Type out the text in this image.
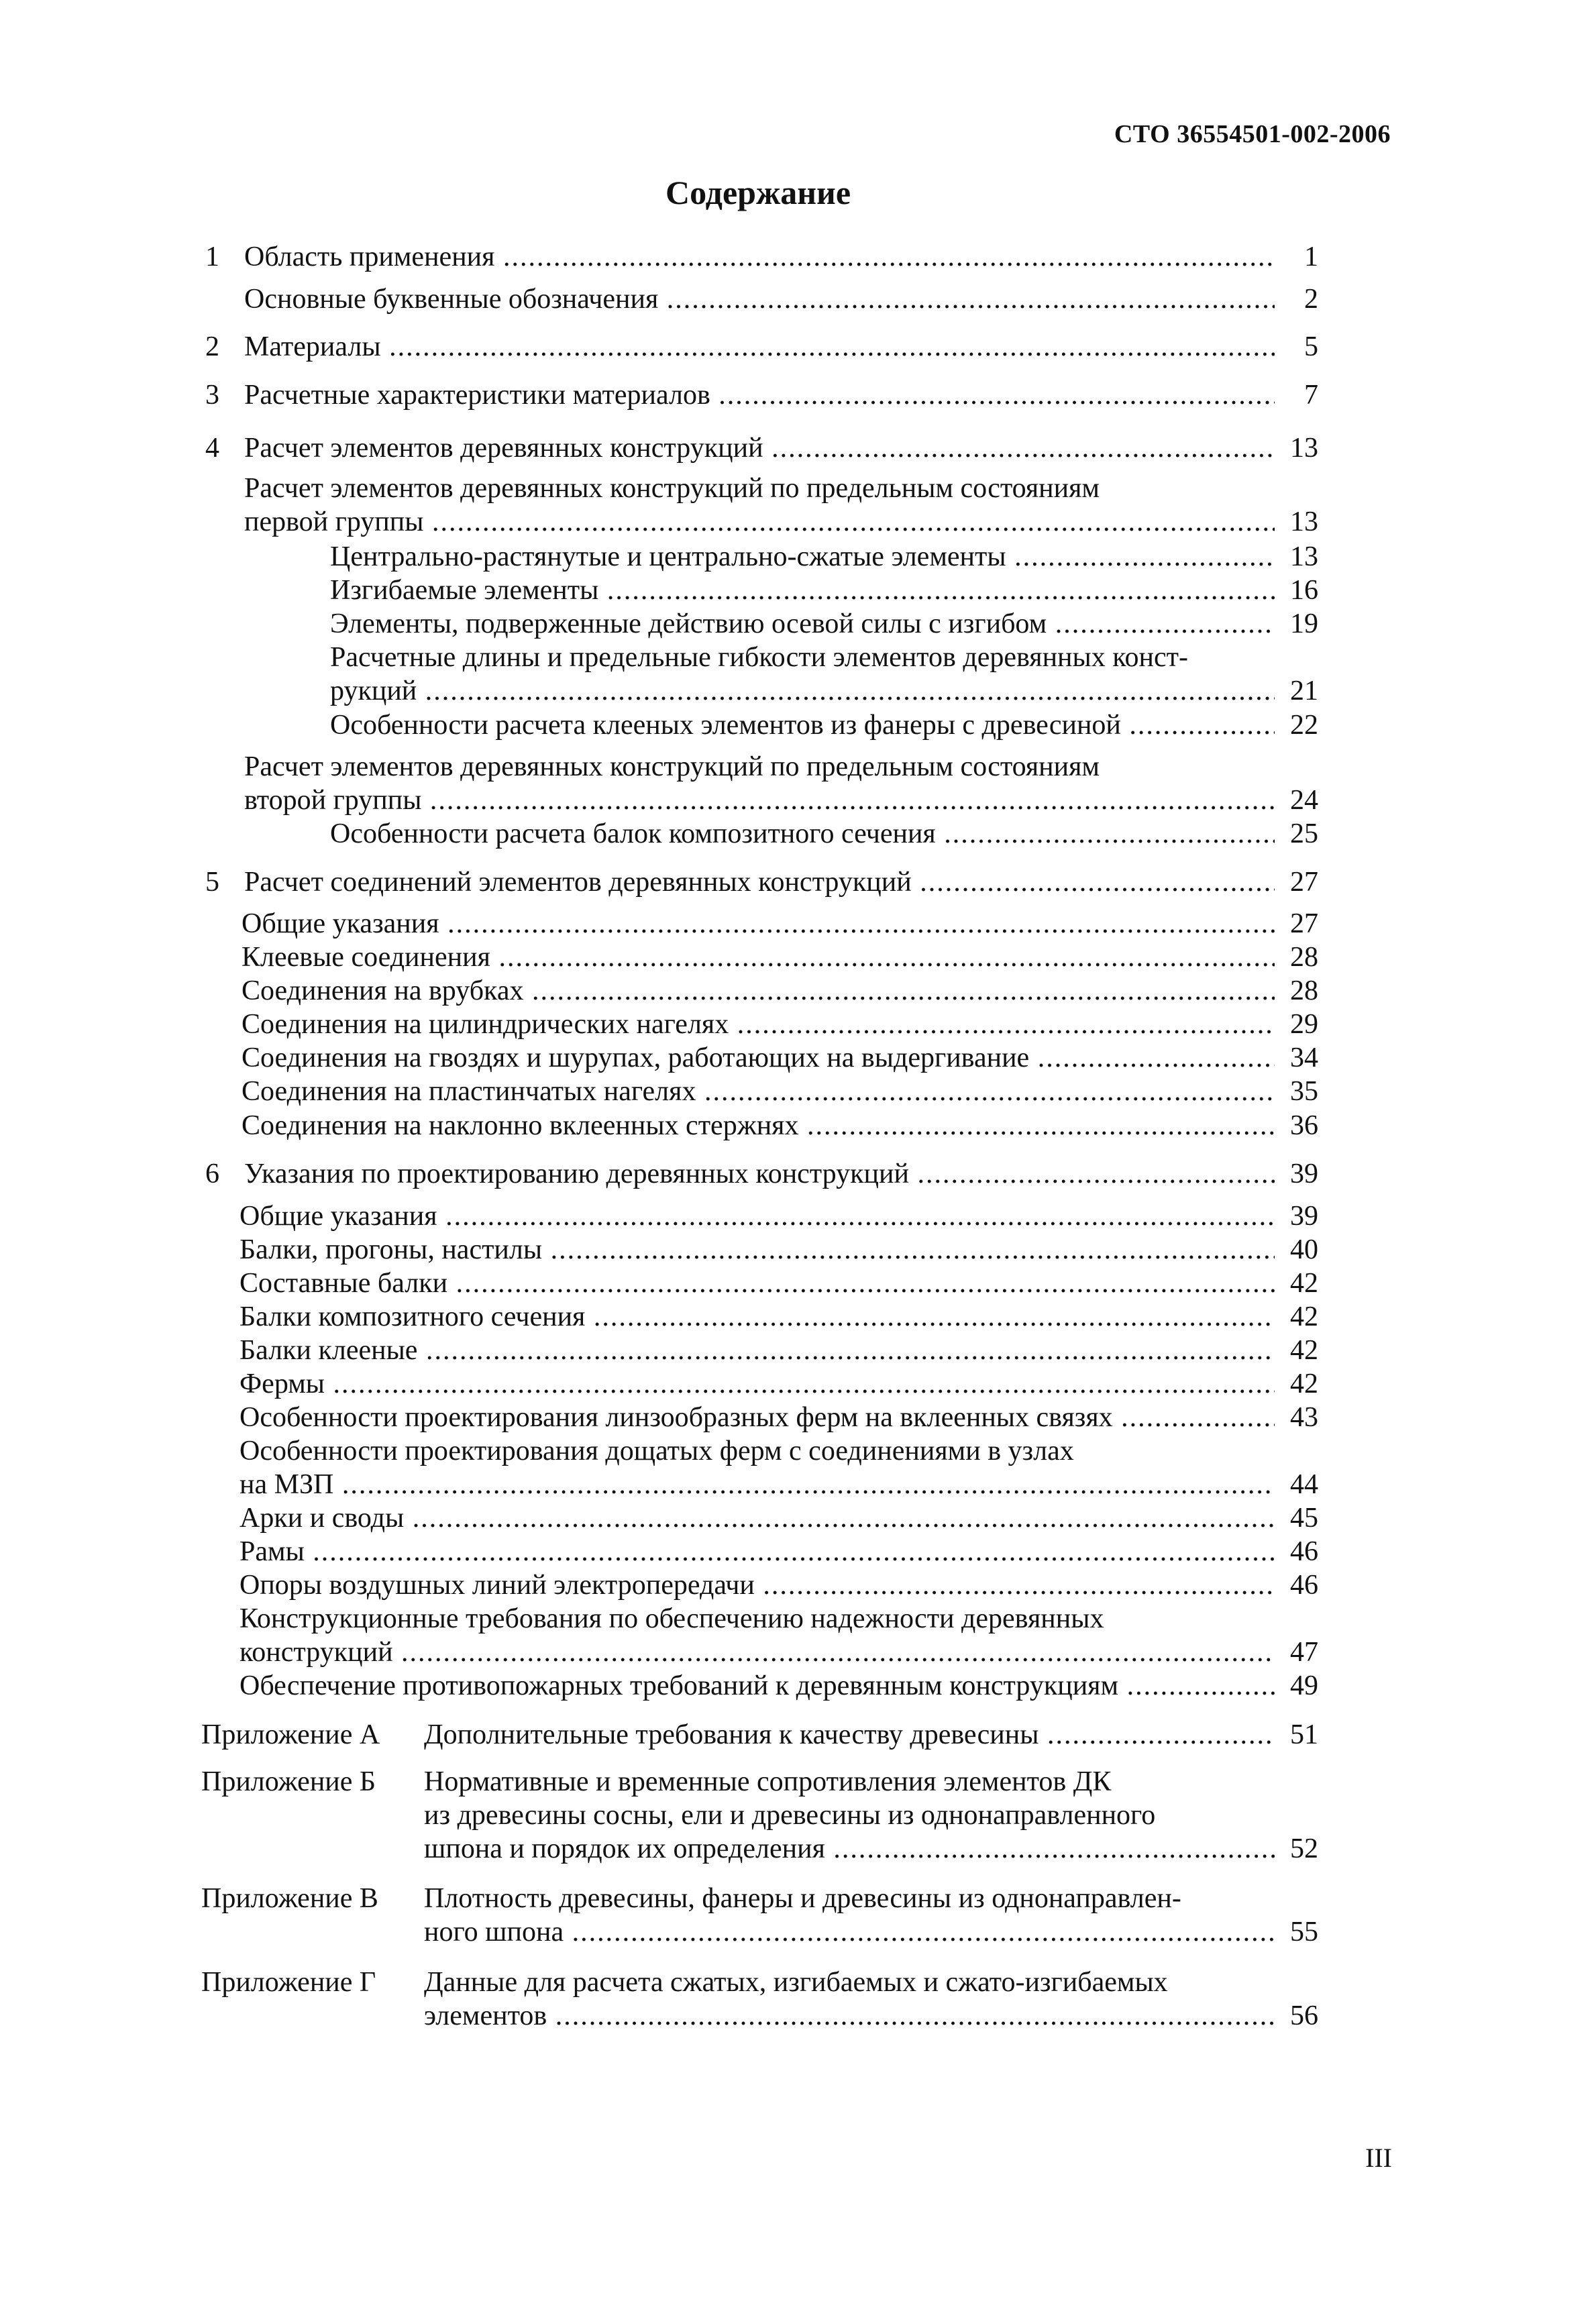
СТО 36554501-002-2006
Содержание
1 Область применения .....	1
Основные буквенные обозначения .....	2
2 Материалы .....	5
3 Расчетные характеристики материалов .....	7
4 Расчет элементов деревянных конструкций .....	13
Расчет элементов деревянных конструкций по предельным состояниям
первой группы .....	13
Центрально-растянутые и центрально-сжатые элементы .....	13
Изгибаемые элементы .....	16
Элементы, подверженные действию осевой силы с изгибом .....	19
Расчетные длины и предельные гибкости элементов деревянных конст-
рукций .....	21
Особенности расчета клееных элементов из фанеры с древесиной .....	22
Расчет элементов деревянных конструкций по предельным состояниям
второй группы .....	24
Особенности расчета балок композитного сечения .....	25
5 Расчет соединений элементов деревянных конструкций .....	27
Общие указания .....	27
Клеевые соединения .....	28
Соединения на врубках .....	28
Соединения на цилиндрических нагелях .....	29
Соединения на гвоздях и шурупах, работающих на выдергивание .....	34
Соединения на пластинчатых нагелях .....	35
Соединения на наклонно вклеенных стержнях .....	36
6 Указания по проектированию деревянных конструкций .....	39
Общие указания .....	39
Балки, прогоны, настилы .....	40
Составные балки .....	42
Балки композитного сечения .....	42
Балки клееные .....	42
Фермы .....	42
Особенности проектирования линзообразных ферм на вклеенных связях .....	43
Особенности проектирования дощатых ферм с соединениями в узлах
на МЗП .....	44
Арки и своды .....	45
Рамы .....	46
Опоры воздушных линий электропередачи .....	46
Конструкционные требования по обеспечению надежности деревянных
конструкций .....	47
Обеспечение противопожарных требований к деревянным конструкциям .....	49
Приложение А Дополнительные требования к качеству древесины .....	51
Приложение Б Нормативные и временные сопротивления элементов ДК
из древесины сосны, ели и древесины из однонаправленного
шпона и порядок их определения .....	52
Приложение В Плотность древесины, фанеры и древесины из однонаправлен-
ного шпона .....	55
Приложение Г Данные для расчета сжатых, изгибаемых и сжато-изгибаемых
элементов .....	56
III
